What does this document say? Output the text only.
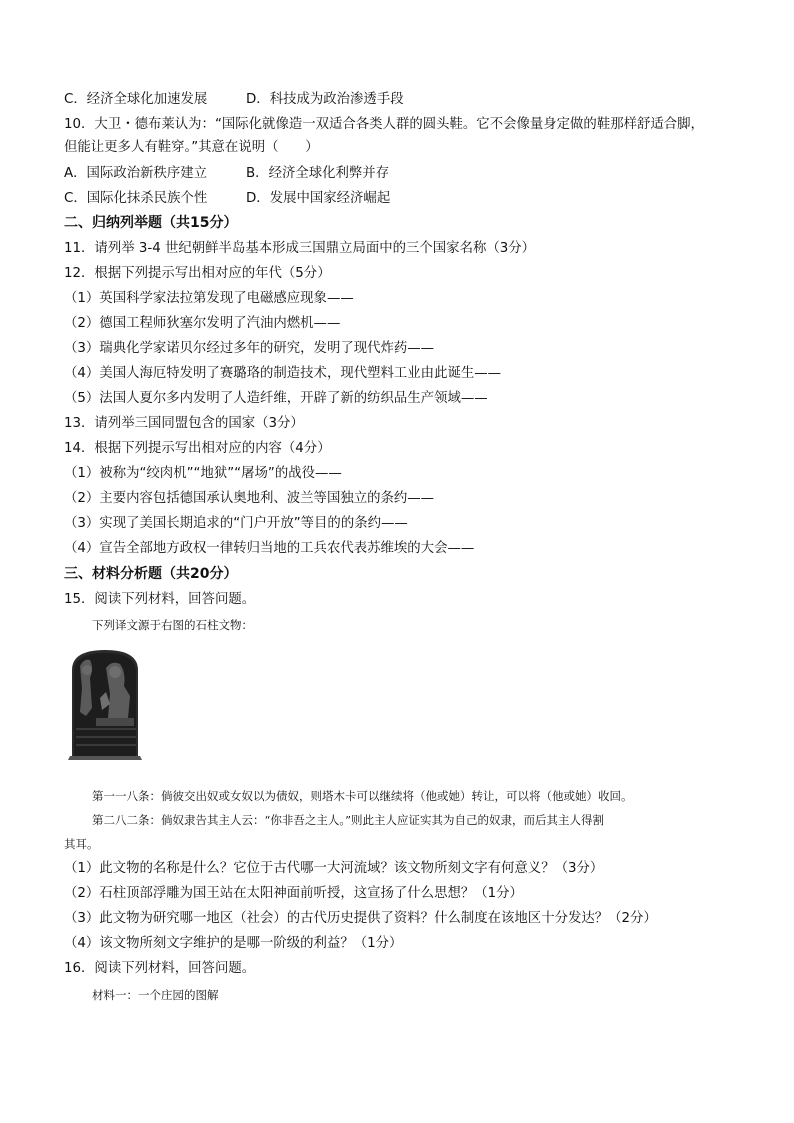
C．经济全球化加速发展	D．科技成为政治渗透手段
10．大卫・德布莱认为：“国际化就像造一双适合各类人群的圆头鞋。它不会像量身定做的鞋那样舒适合脚，
但能让更多人有鞋穿。”其意在说明（　　）
A．国际政治新秩序建立	B．经济全球化利弊并存
C．国际化抹杀民族个性	D．发展中国家经济崛起
二、归纳列举题（共15分）
11．请列举 3-4 世纪朝鲜半岛基本形成三国鼎立局面中的三个国家名称（3分）
12．根据下列提示写出相对应的年代（5分）
（1）英国科学家法拉第发现了电磁感应现象——
（2）德国工程师狄塞尔发明了汽油内燃机——
（3）瑞典化学家诺贝尔经过多年的研究，发明了现代炸药——
（4）美国人海厄特发明了赛璐珞的制造技术，现代塑料工业由此诞生——
（5）法国人夏尔多内发明了人造纤维，开辟了新的纺织品生产领域——
13．请列举三国同盟包含的国家（3分）
14．根据下列提示写出相对应的内容（4分）
（1）被称为“绞肉机”“地狱”“屠场”的战役——
（2）主要内容包括德国承认奥地利、波兰等国独立的条约——
（3）实现了美国长期追求的“门户开放”等目的的条约——
（4）宣告全部地方政权一律转归当地的工兵农代表苏维埃的大会——
三、材料分析题（共20分）
15．阅读下列材料，回答问题。
下列译文源于右图的石柱文物：
第一一八条：倘彼交出奴或女奴以为债奴，则塔木卡可以继续将（他或她）转让，可以将（他或她）收回。
第二八二条：倘奴隶告其主人云：“你非吾之主人。”则此主人应证实其为自己的奴隶，而后其主人得割
其耳。
（1）此文物的名称是什么？它位于古代哪一大河流域？该文物所刻文字有何意义？（3分）
（2）石柱顶部浮雕为国王站在太阳神面前听授，这宣扬了什么思想？（1分）
（3）此文物为研究哪一地区（社会）的古代历史提供了资料？什么制度在该地区十分发达？（2分）
（4）该文物所刻文字维护的是哪一阶级的利益？（1分）
16．阅读下列材料，回答问题。
材料一：一个庄园的图解
